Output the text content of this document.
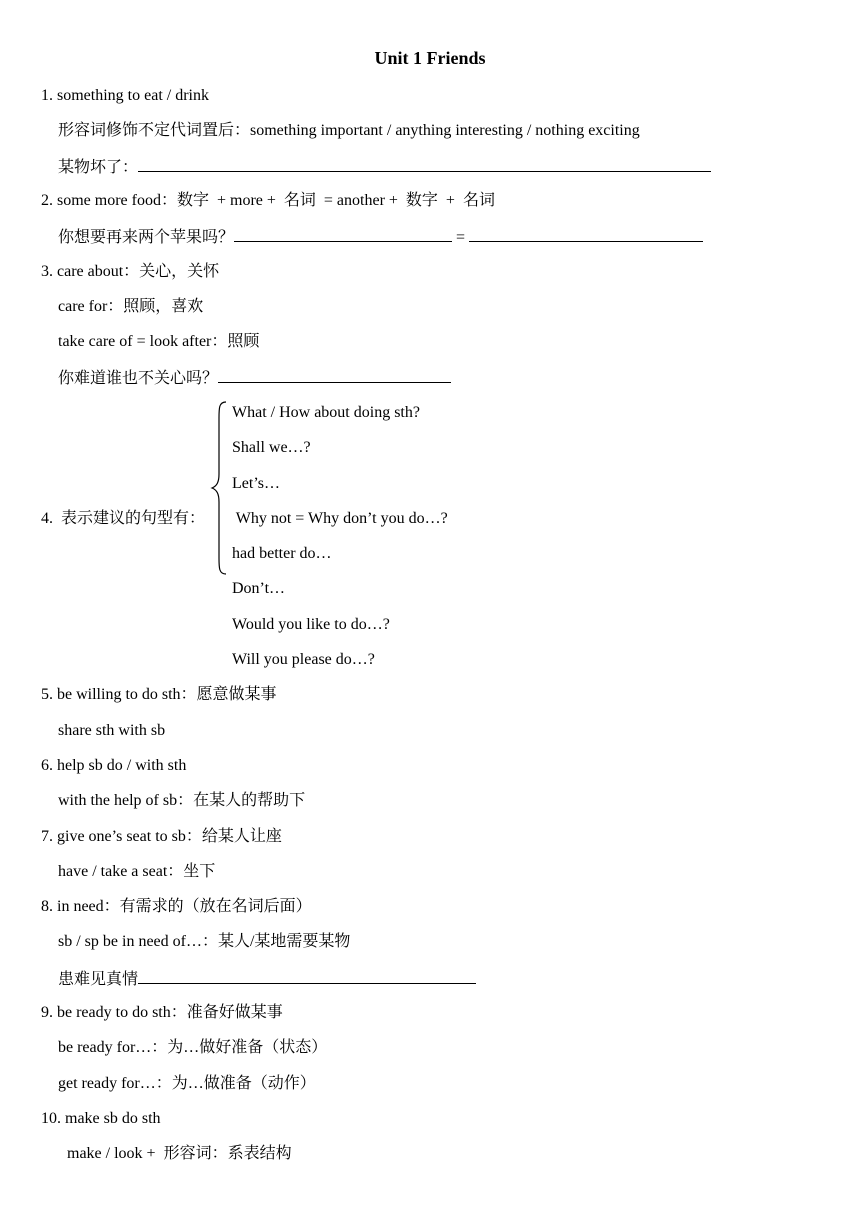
Unit 1 Friends
1. something to eat / drink
形容词修饰不定代词置后：something important / anything interesting / nothing exciting
某物坏了：
2. some more food：数字  + more +  名词  = another +  数字  +  名词
你想要再来两个苹果吗？	=
3. care about：关心，关怀
care for：照顾，喜欢
take care of = look after：照顾
你难道谁也不关心吗？
What / How about doing sth?
Shall we…?
Let’s…
4.  表示建议的句型有： Why not = Why don’t you do…?
had better do…
Don’t…
Would you like to do…?
Will you please do…?
5. be willing to do sth：愿意做某事
share sth with sb
6. help sb do / with sth
with the help of sb：在某人的帮助下
7. give one’s seat to sb：给某人让座
have / take a seat：坐下
8. in need：有需求的（放在名词后面）
sb / sp be in need of…：某人/某地需要某物
患难见真情
9. be ready to do sth：准备好做某事
be ready for…：为…做好准备（状态）
get ready for…：为…做准备（动作）
10. make sb do sth
make / look +  形容词：系表结构
